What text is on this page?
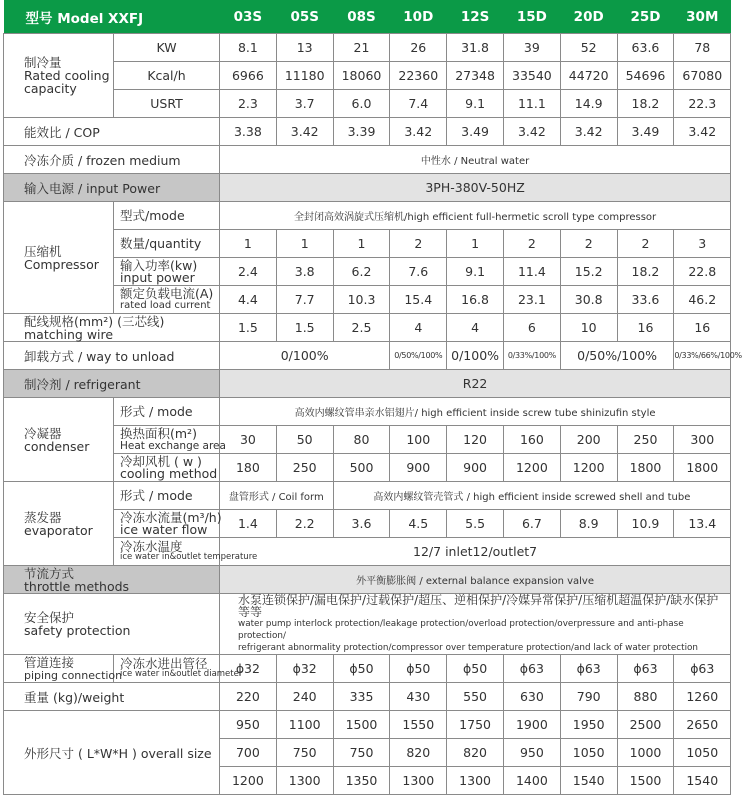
型号 Model XXFJ		03S	05S	08S	10D	12S	15D	20D	25D	30M
制冷量
Rated cooling capacity	KW	8.1	13	21	26	31.8	39	52	63.6	78
	Kcal/h	6966	11180	18060	22360	27348	33540	44720	54696	67080
	USRT	2.3	3.7	6.0	7.4	9.1	11.1	14.9	18.2	22.3
能效比 / COP		3.38	3.42	3.39	3.42	3.49	3.42	3.42	3.49	3.42
冷冻介质 / frozen medium		中性水 / Neutral water								
输入电源 / input Power		3PH-380V-50HZ								
压缩机
Compressor	型式/mode	全封闭高效涡旋式压缩机/high efficient full-hermetic scroll type compressor								
	数量/quantity	1	1	1	2	1	2	2	2	3
	输入功率(kw)
input power	2.4	3.8	6.2	7.6	9.1	11.4	15.2	18.2	22.8
	额定负载电流(A)
rated load current	4.4	7.7	10.3	15.4	16.8	23.1	30.8	33.6	46.2
配线规格(mm²) (三芯线)
matching wire		1.5	1.5	2.5	4	4	6	10	16	16
卸载方式 / way to unload		0/100%			0/50%/100%	0/100%	0/33%/100%	0/50%/100%		0/33%/66%/100%
制冷剂 / refrigerant		R22								
冷凝器
condenser	形式 / mode	高效内螺纹管串亲水铝翅片/ high efficient inside screw tube shinizufin style								
	换热面积(m²)
Heat exchange area	30	50	80	100	120	160	200	250	300
	冷却风机 ( w )
cooling method	180	250	500	900	900	1200	1200	1800	1800
蒸发器
evaporator	形式 / mode	盘管形式 / Coil form		高效内螺纹管壳管式 / high efficient inside screwed shell and tube						
	冷冻水流量(m³/h)
ice water flow	1.4	2.2	3.6	4.5	5.5	6.7	8.9	10.9	13.4
	冷冻水温度
ice water in&outlet temperature	12/7 inlet12/outlet7								
节流方式
throttle methods		外平衡膨胀阀 / external balance expansion valve								
安全保护
safety protection		水泵连锁保护/漏电保护/过载保护/超压、逆相保护/冷媒异常保护/压缩机超温保护/缺水保护 等等
water pump interlock protection/leakage protection/overload protection/overpressure and anti-phase protection/
refrigerant abnormality protection/compressor over temperature protection/and lack of water protection								

管道连接
piping connection	冷冻水进出管径
ice water in&outlet diameter	ϕ32	ϕ32	ϕ50	ϕ50	ϕ50	ϕ63	ϕ63	ϕ63	ϕ63
重量 (kg)/weight		220	240	335	430	550	630	790	880	1260
外形尺寸 ( L*W*H ) overall size		950	1100	1500	1550	1750	1900	1950	2500	2650
		700	750	750	820	820	950	1050	1000	1050
		1200	1300	1350	1300	1300	1400	1540	1500	1540
